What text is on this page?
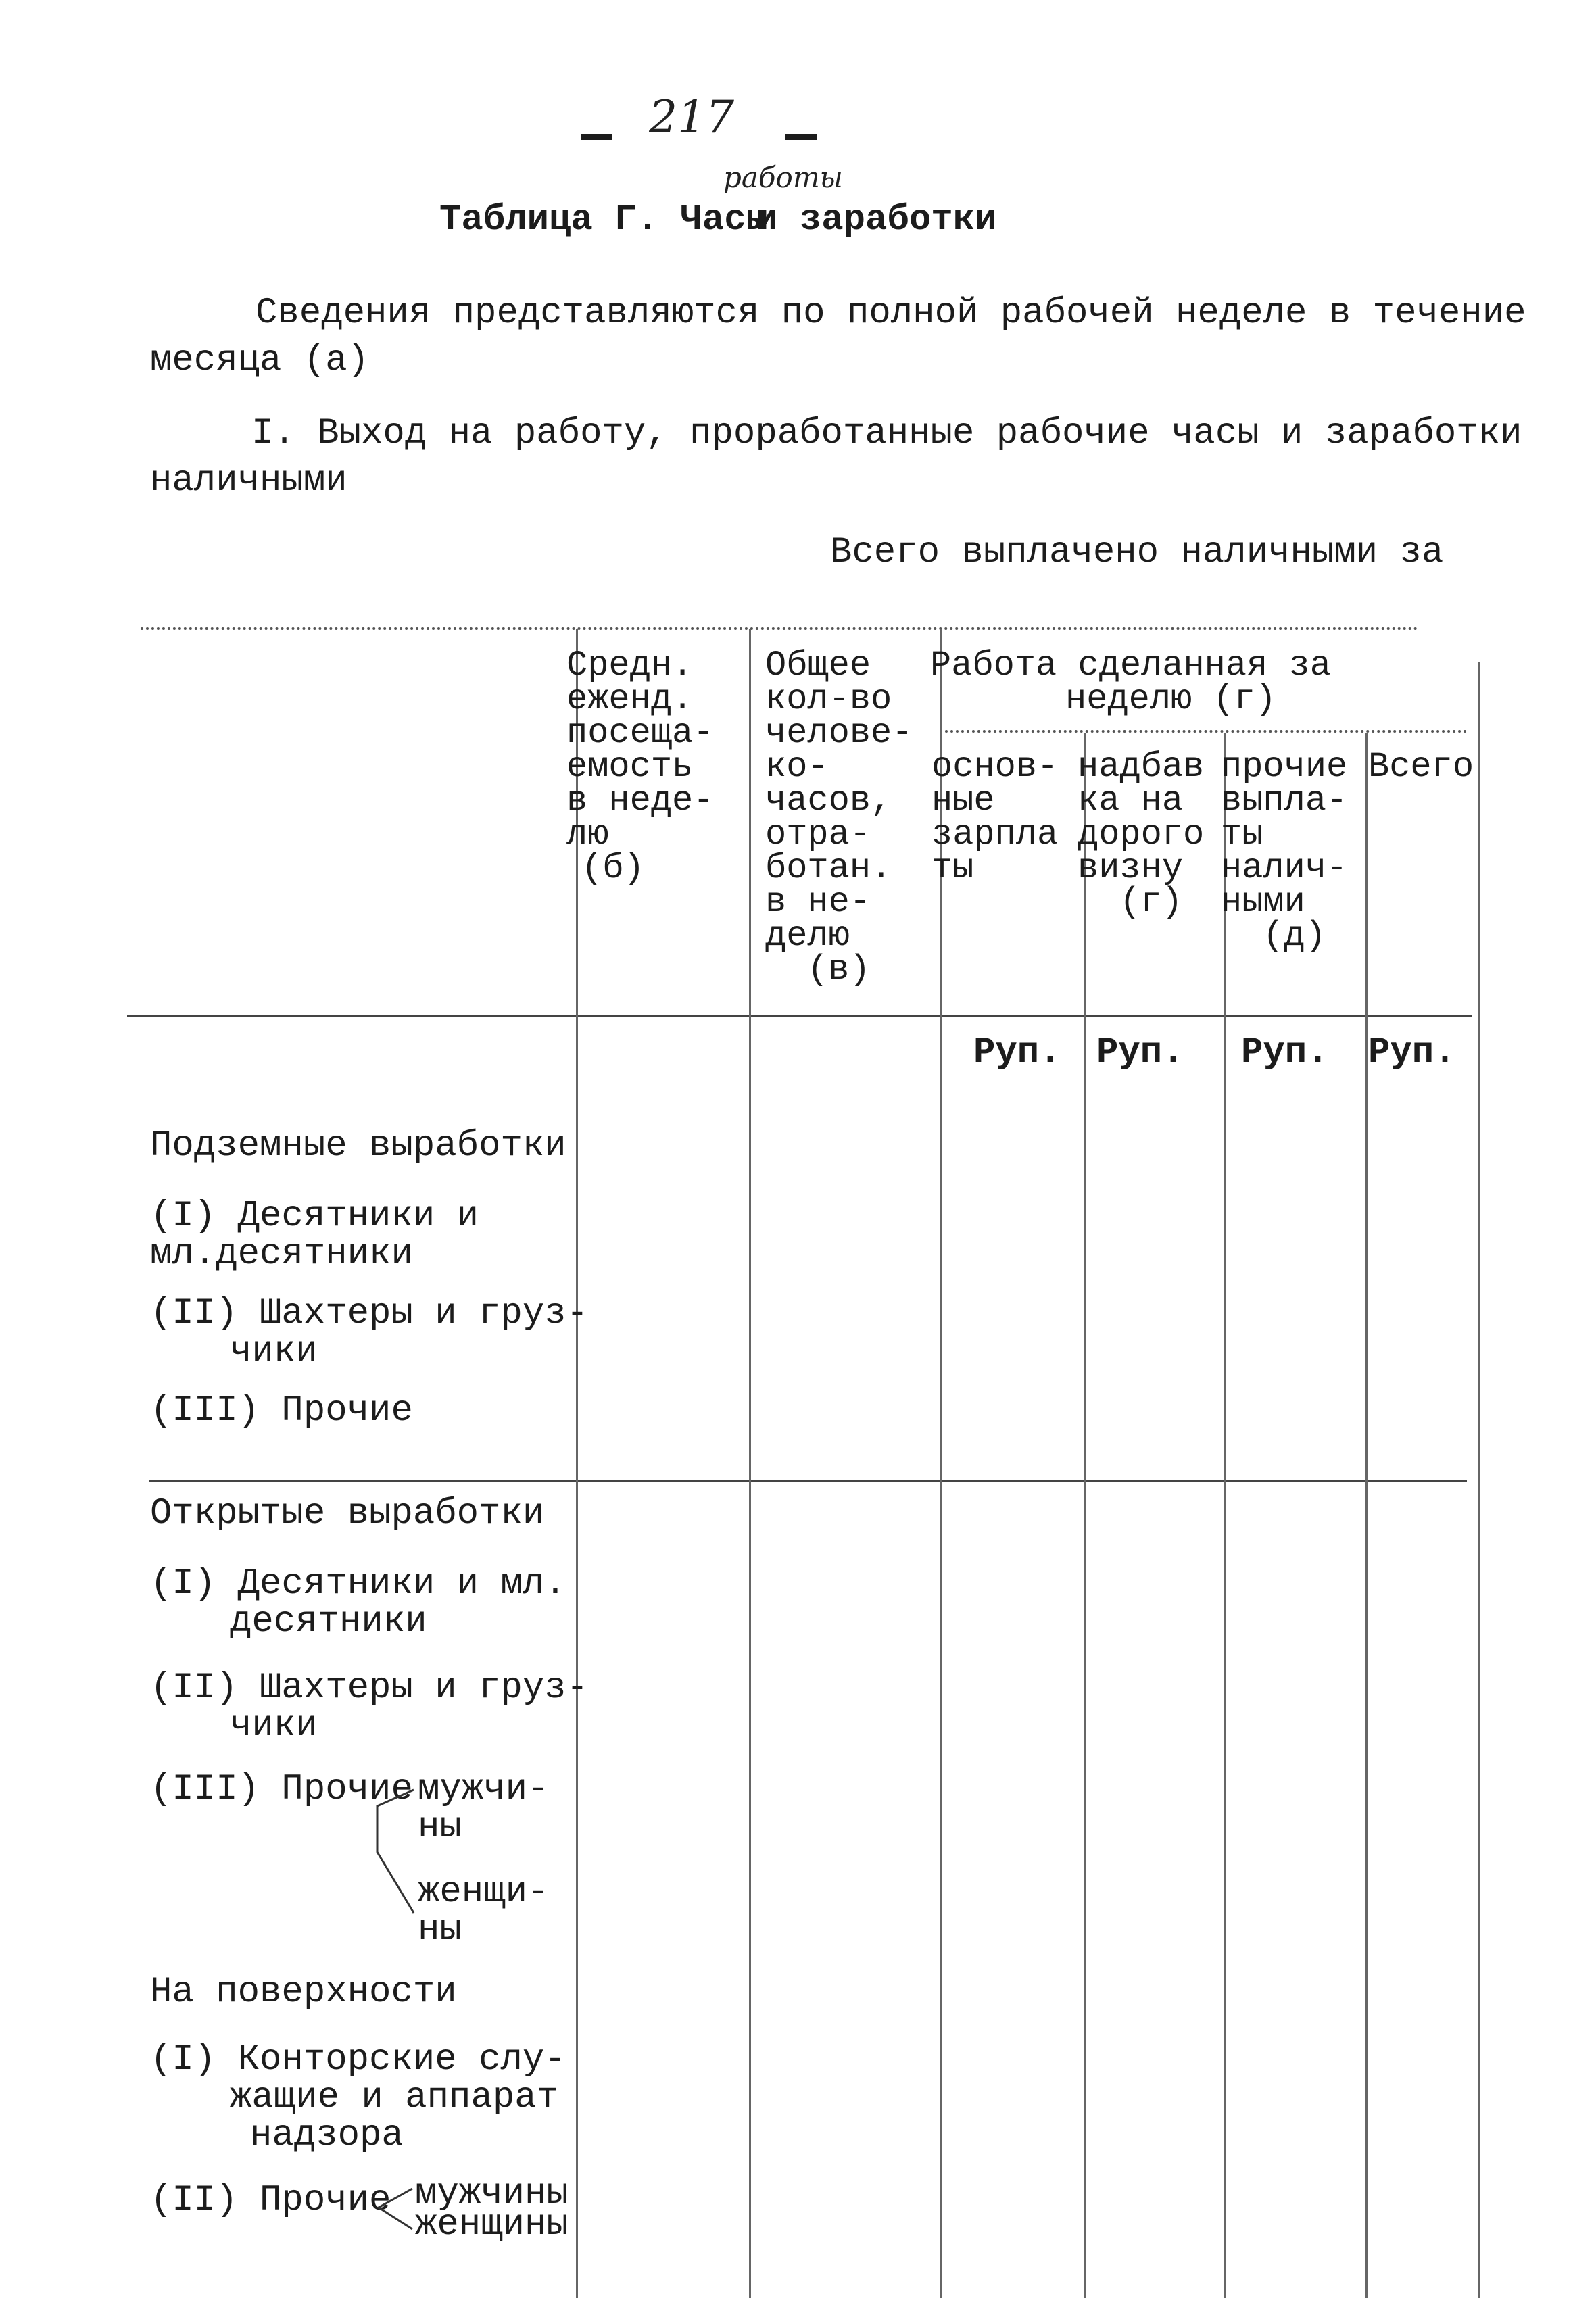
217
работы
Таблица Г. Часы
и заработки
Сведения представляются по полной рабочей неделе в течение
месяца (а)
I. Выход на работу, проработанные рабочие часы и заработки
наличными
Всего выплачено наличными за
Средн.
еженд.
посеща-
емость
в неде-
лю
(б)
Общее
кол-во
челове-
ко-
часов,
отра-
ботан.
в не-
делю
(в)
Работа сделанная за
неделю (г)
основ-
ные
зарпла
ты
надбав
ка на
дорого
визну
(г)
прочие
выпла-
ты
налич-
ными
(д)
Всего
Руп. Руп. Руп. Руп.
Подземные выработки
(I) Десятники и
мл.десятники
(II) Шахтеры и груз-
чики
(III) Прочие
Открытые выработки
(I) Десятники и мл.
десятники
(II) Шахтеры и груз-
чики
(III) Прочие мужчи-
ны
женщи-
ны
На поверхности
(I) Конторские слу-
жащие и аппарат
надзора
(II) Прочие мужчины
женщины
